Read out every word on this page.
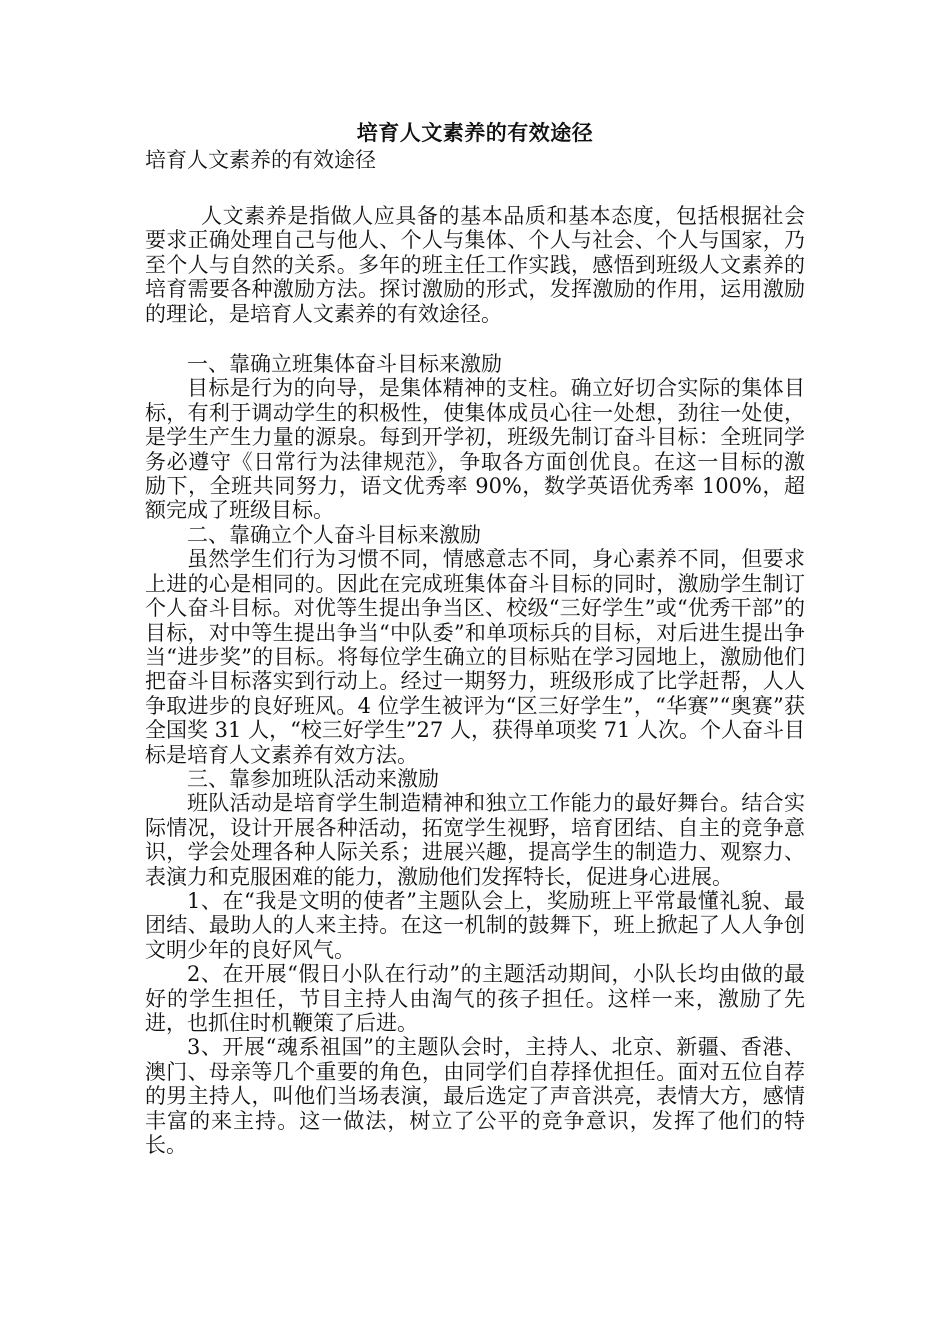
培育人文素养的有效途径
培育人文素养的有效途径

人文素养是指做人应具备的基本品质和基本态度，包括根据社会要求正确处理自己与他人、个人与集体、个人与社会、个人与国家，乃至个人与自然的关系。多年的班主任工作实践，感悟到班级人文素养的培育需要各种激励方法。探讨激励的形式，发挥激励的作用，运用激励的理论，是培育人文素养的有效途径。

一、靠确立班集体奋斗目标来激励

目标是行为的向导，是集体精神的支柱。确立好切合实际的集体目标，有利于调动学生的积极性，使集体成员心往一处想，劲往一处使，是学生产生力量的源泉。每到开学初，班级先制订奋斗目标：全班同学务必遵守《日常行为法律规范》，争取各方面创优良。在这一目标的激励下，全班共同努力，语文优秀率 90%，数学英语优秀率 100%，超额完成了班级目标。

二、靠确立个人奋斗目标来激励

虽然学生们行为习惯不同，情感意志不同，身心素养不同，但要求上进的心是相同的。因此在完成班集体奋斗目标的同时，激励学生制订个人奋斗目标。对优等生提出争当区、校级“三好学生”或“优秀干部”的目标，对中等生提出争当“中队委”和单项标兵的目标，对后进生提出争当“进步奖”的目标。将每位学生确立的目标贴在学习园地上，激励他们把奋斗目标落实到行动上。经过一期努力，班级形成了比学赶帮，人人争取进步的良好班风。4 位学生被评为“区三好学生”，“华赛”“奥赛”获全国奖 31 人，“校三好学生”27 人，获得单项奖 71 人次。个人奋斗目标是培育人文素养有效方法。

三、靠参加班队活动来激励

班队活动是培育学生制造精神和独立工作能力的最好舞台。结合实际情况，设计开展各种活动，拓宽学生视野，培育团结、自主的竞争意识，学会处理各种人际关系；进展兴趣，提高学生的制造力、观察力、表演力和克服困难的能力，激励他们发挥特长，促进身心进展。

1、在“我是文明的使者”主题队会上，奖励班上平常最懂礼貌、最团结、最助人的人来主持。在这一机制的鼓舞下，班上掀起了人人争创文明少年的良好风气。

2、在开展“假日小队在行动”的主题活动期间，小队长均由做的最好的学生担任，节目主持人由淘气的孩子担任。这样一来，激励了先进，也抓住时机鞭策了后进。

3、开展“魂系祖国”的主题队会时，主持人、北京、新疆、香港、澳门、母亲等几个重要的角色，由同学们自荐择优担任。面对五位自荐的男主持人，叫他们当场表演，最后选定了声音洪亮，表情大方，感情丰富的来主持。这一做法，树立了公平的竞争意识，发挥了他们的特长。
